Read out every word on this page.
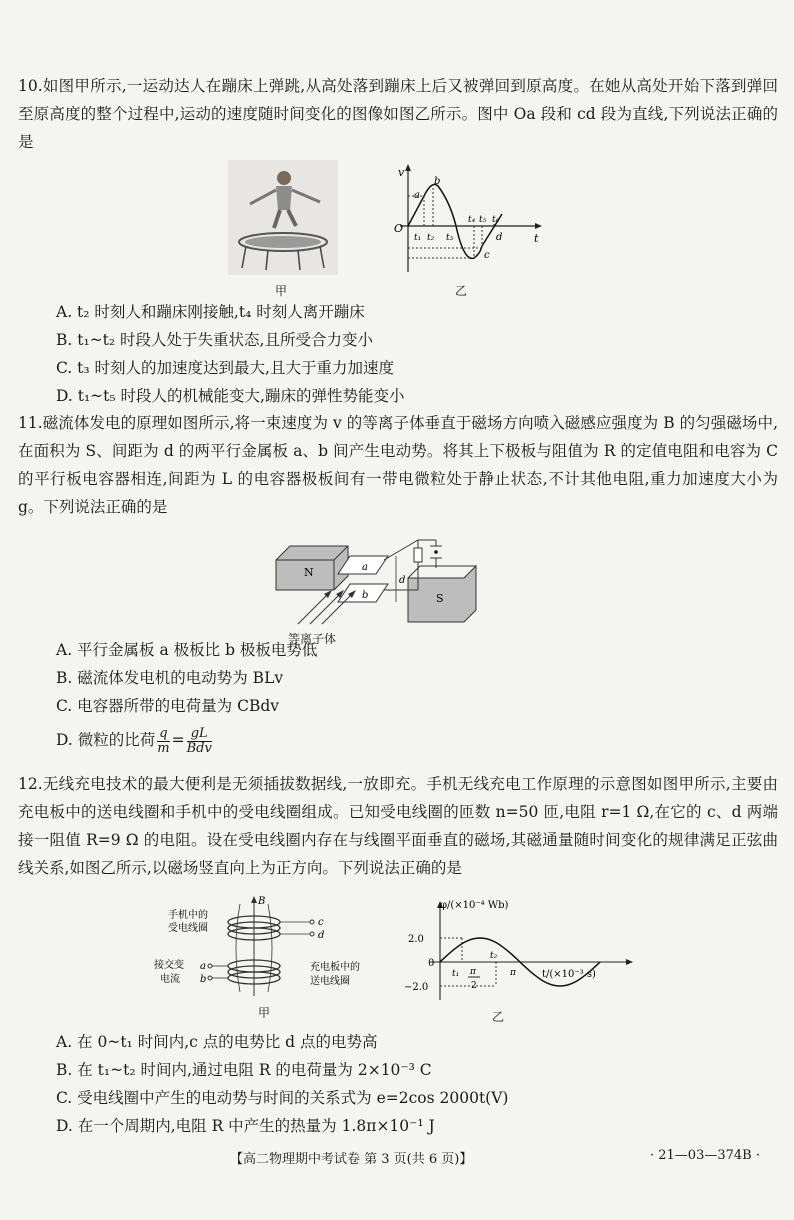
10.如图甲所示,一运动达人在蹦床上弹跳,从高处落到蹦床上后又被弹回到原高度。在她从高处开始下落到弹回至原高度的整个过程中,运动的速度随时间变化的图像如图乙所示。图中 Oa 段和 cd 段为直线,下列说法正确的是

甲
v
t
O
a
b
c
d
t₁ t₂ t₃
t₄ t₅ t₆
乙
A. t₂ 时刻人和蹦床刚接触,t₄ 时刻人离开蹦床
B. t₁~t₂ 时段人处于失重状态,且所受合力变小
C. t₃ 时刻人的加速度达到最大,且大于重力加速度
D. t₁~t₅ 时段人的机械能变大,蹦床的弹性势能变小

11.磁流体发电的原理如图所示,将一束速度为 v 的等离子体垂直于磁场方向喷入磁感应强度为 B 的匀强磁场中,在面积为 S、间距为 d 的两平行金属板 a、b 间产生电动势。将其上下极板与阻值为 R 的定值电阻和电容为 C 的平行板电容器相连,间距为 L 的电容器极板间有一带电微粒处于静止状态,不计其他电阻,重力加速度大小为 g。下列说法正确的是

N	a
b	S
d
等离子体
A. 平行金属板 a 极板比 b 极板电势低
B. 磁流体发电机的电动势为 BLv
C. 电容器所带的电荷量为 CBdv
D. 微粒的比荷 $\frac{q}{m} = \frac{gL}{\text{Bdv}}$

12.无线充电技术的最大便利是无须插拔数据线,一放即充。手机无线充电工作原理的示意图如图甲所示,主要由充电板中的送电线圈和手机中的受电线圈组成。已知受电线圈的匝数 n=50 匝,电阻 r=1 Ω,在它的 c、d 两端接一阻值 R=9 Ω 的电阻。设在受电线圈内存在与线圈平面垂直的磁场,其磁通量随时间变化的规律满足正弦曲线关系,如图乙所示,以磁场竖直向上为正方向。下列说法正确的是

B
c
d
a
b
手机中的
受电线圈
接交变
电流
充电板中的
送电线圈
甲
φ/(×10⁻⁴ Wb)
t/(×10⁻³ s)
2.0
−2.0
0
t₁
t₂
π
2
π
乙
A. 在 0~t₁ 时间内,c 点的电势比 d 点的电势高
B. 在 t₁~t₂ 时间内,通过电阻 R 的电荷量为 2×10⁻³ C
C. 受电线圈中产生的电动势与时间的关系式为 e=2cos 2000t(V)
D. 在一个周期内,电阻 R 中产生的热量为 1.8π×10⁻¹ J
【高二物理期中考试卷 第 3 页(共 6 页)】	· 21—03—374B ·
